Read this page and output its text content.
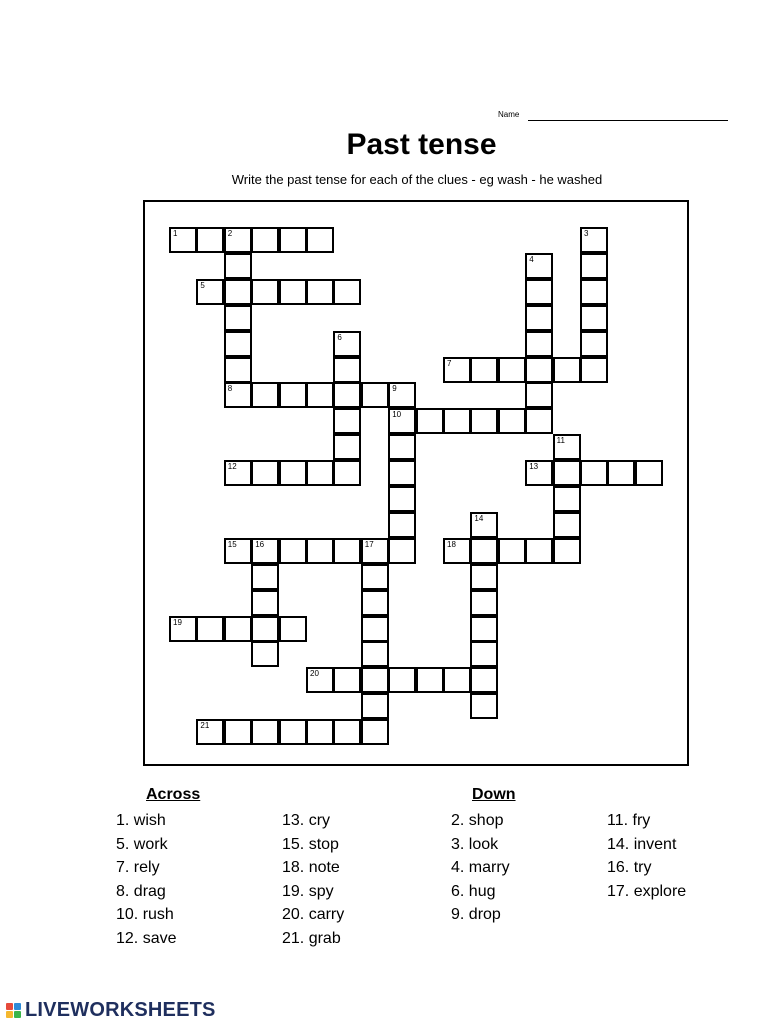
Name
Past tense
Write the past tense for each of the clues - eg wash - he washed
1	2
5
7
8	9
10
12	13
15 16	17	18
19
20
21
3
4
6
11
14
Across	Down
1. wish
5. work
7. rely
8. drag
10. rush
12. save
13. cry
15. stop
18. note
19. spy
20. carry
21. grab
2. shop
3. look
4. marry
6. hug
9. drop
11. fry
14. invent
16. try
17. explore
LIVEWORKSHEETS
